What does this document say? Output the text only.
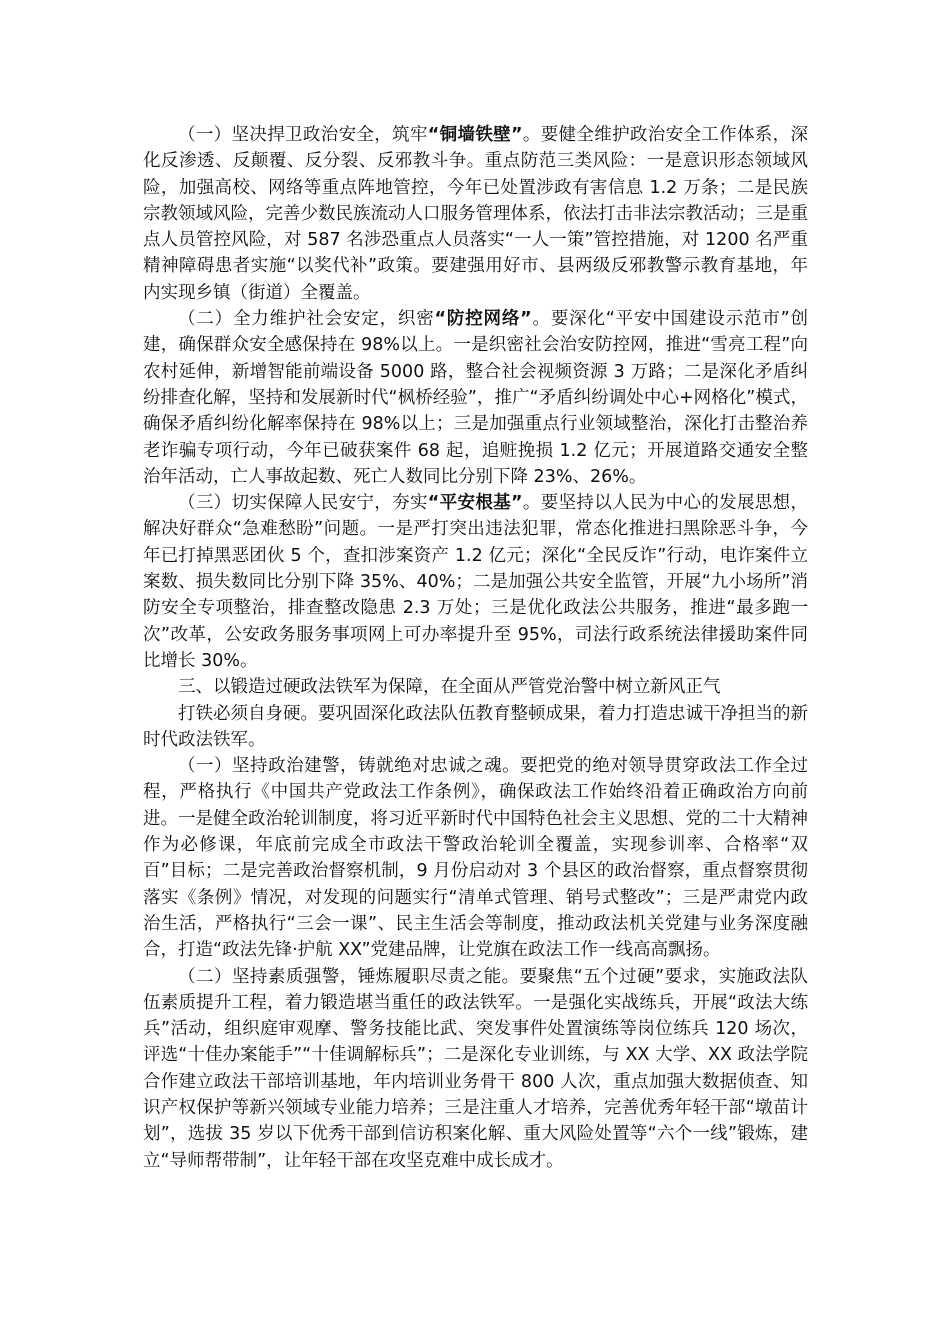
（一）坚决捍卫政治安全，筑牢“铜墙铁壁”。要健全维护政治安全工作体系，深化反渗透、反颠覆、反分裂、反邪教斗争。重点防范三类风险：一是意识形态领域风险，加强高校、网络等重点阵地管控，今年已处置涉政有害信息 1.2 万条；二是民族宗教领域风险，完善少数民族流动人口服务管理体系，依法打击非法宗教活动；三是重点人员管控风险，对 587 名涉恐重点人员落实“一人一策”管控措施，对 1200 名严重精神障碍患者实施“以奖代补”政策。要建强用好市、县两级反邪教警示教育基地，年内实现乡镇（街道）全覆盖。

（二）全力维护社会安定，织密“防控网络”。要深化“平安中国建设示范市”创建，确保群众安全感保持在 98%以上。一是织密社会治安防控网，推进“雪亮工程”向农村延伸，新增智能前端设备 5000 路，整合社会视频资源 3 万路；二是深化矛盾纠纷排查化解，坚持和发展新时代“枫桥经验”，推广“矛盾纠纷调处中心+网格化”模式，确保矛盾纠纷化解率保持在 98%以上；三是加强重点行业领域整治，深化打击整治养老诈骗专项行动，今年已破获案件 68 起，追赃挽损 1.2 亿元；开展道路交通安全整治年活动，亡人事故起数、死亡人数同比分别下降 23%、26%。

（三）切实保障人民安宁，夯实“平安根基”。要坚持以人民为中心的发展思想，解决好群众“急难愁盼”问题。一是严打突出违法犯罪，常态化推进扫黑除恶斗争，今年已打掉黑恶团伙 5 个，查扣涉案资产 1.2 亿元；深化“全民反诈”行动，电诈案件立案数、损失数同比分别下降 35%、40%；二是加强公共安全监管，开展“九小场所”消防安全专项整治，排查整改隐患 2.3 万处；三是优化政法公共服务，推进“最多跑一次”改革，公安政务服务事项网上可办率提升至 95%，司法行政系统法律援助案件同比增长 30%。

三、以锻造过硬政法铁军为保障，在全面从严管党治警中树立新风正气

打铁必须自身硬。要巩固深化政法队伍教育整顿成果，着力打造忠诚干净担当的新时代政法铁军。

（一）坚持政治建警，铸就绝对忠诚之魂。要把党的绝对领导贯穿政法工作全过程，严格执行《中国共产党政法工作条例》，确保政法工作始终沿着正确政治方向前进。一是健全政治轮训制度，将习近平新时代中国特色社会主义思想、党的二十大精神作为必修课，年底前完成全市政法干警政治轮训全覆盖，实现参训率、合格率“双百”目标；二是完善政治督察机制，9 月份启动对 3 个县区的政治督察，重点督察贯彻落实《条例》情况，对发现的问题实行“清单式管理、销号式整改”；三是严肃党内政治生活，严格执行“三会一课”、民主生活会等制度，推动政法机关党建与业务深度融合，打造“政法先锋·护航 XX”党建品牌，让党旗在政法工作一线高高飘扬。

（二）坚持素质强警，锤炼履职尽责之能。要聚焦“五个过硬”要求，实施政法队伍素质提升工程，着力锻造堪当重任的政法铁军。一是强化实战练兵，开展“政法大练兵”活动，组织庭审观摩、警务技能比武、突发事件处置演练等岗位练兵 120 场次，评选“十佳办案能手”“十佳调解标兵”；二是深化专业训练，与 XX 大学、XX 政法学院合作建立政法干部培训基地，年内培训业务骨干 800 人次，重点加强大数据侦查、知识产权保护等新兴领域专业能力培养；三是注重人才培养，完善优秀年轻干部“墩苗计划”，选拔 35 岁以下优秀干部到信访积案化解、重大风险处置等“六个一线”锻炼，建立“导师帮带制”，让年轻干部在攻坚克难中成长成才。
